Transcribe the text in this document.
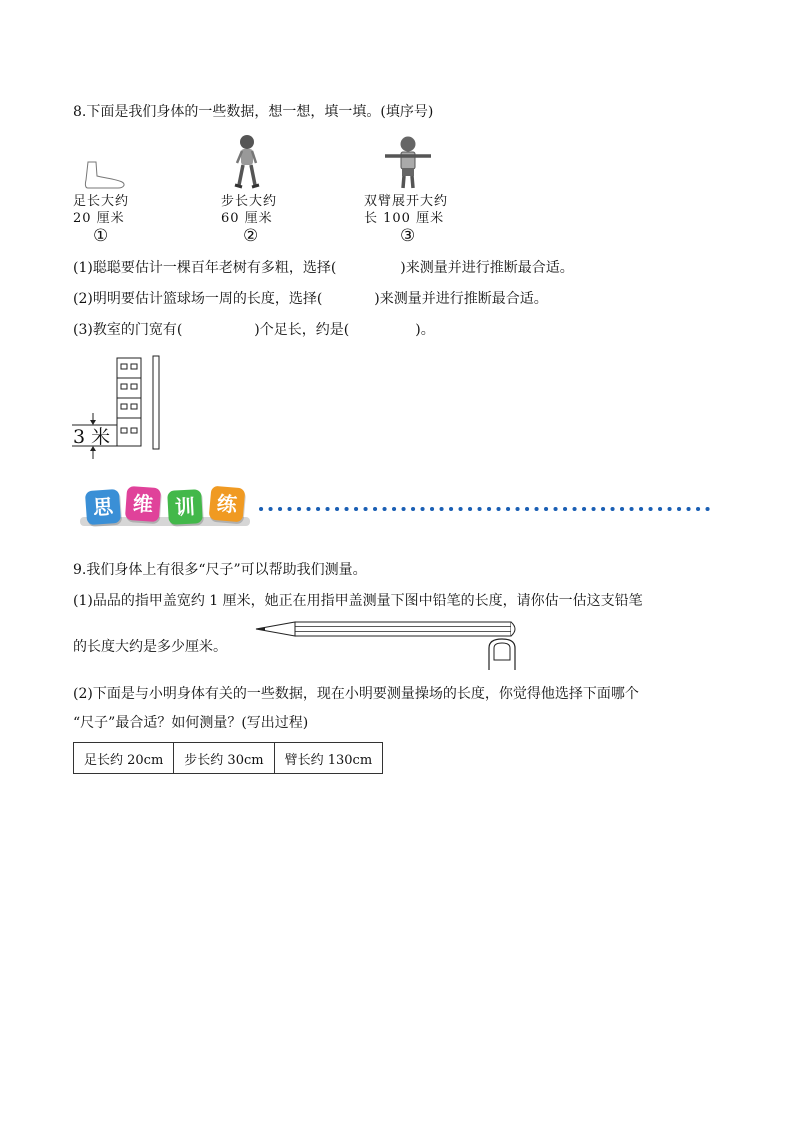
8.下面是我们身体的一些数据，想一想，填一填。(填序号)
足长大约
20 厘米
步长大约
60 厘米
双臂展开大约
长 100 厘米
①	②	③
(1)聪聪要估计一棵百年老树有多粗，选择(	)来测量并进行推断最合适。
(2)明明要估计篮球场一周的长度，选择(	)来测量并进行推断最合适。
(3)教室的门宽有(	)个足长，约是(	)。
3 米
思 维	训	练
9.我们身体上有很多“尺子”可以帮助我们测量。
(1)品品的指甲盖宽约 1 厘米，她正在用指甲盖测量下图中铅笔的长度，请你估一估这支铅笔
的长度大约是多少厘米。
(2)下面是与小明身体有关的一些数据，现在小明要测量操场的长度，你觉得他选择下面哪个
“尺子”最合适？如何测量？(写出过程)
足长约 20cm	步长约 30cm	臂长约 130cm
